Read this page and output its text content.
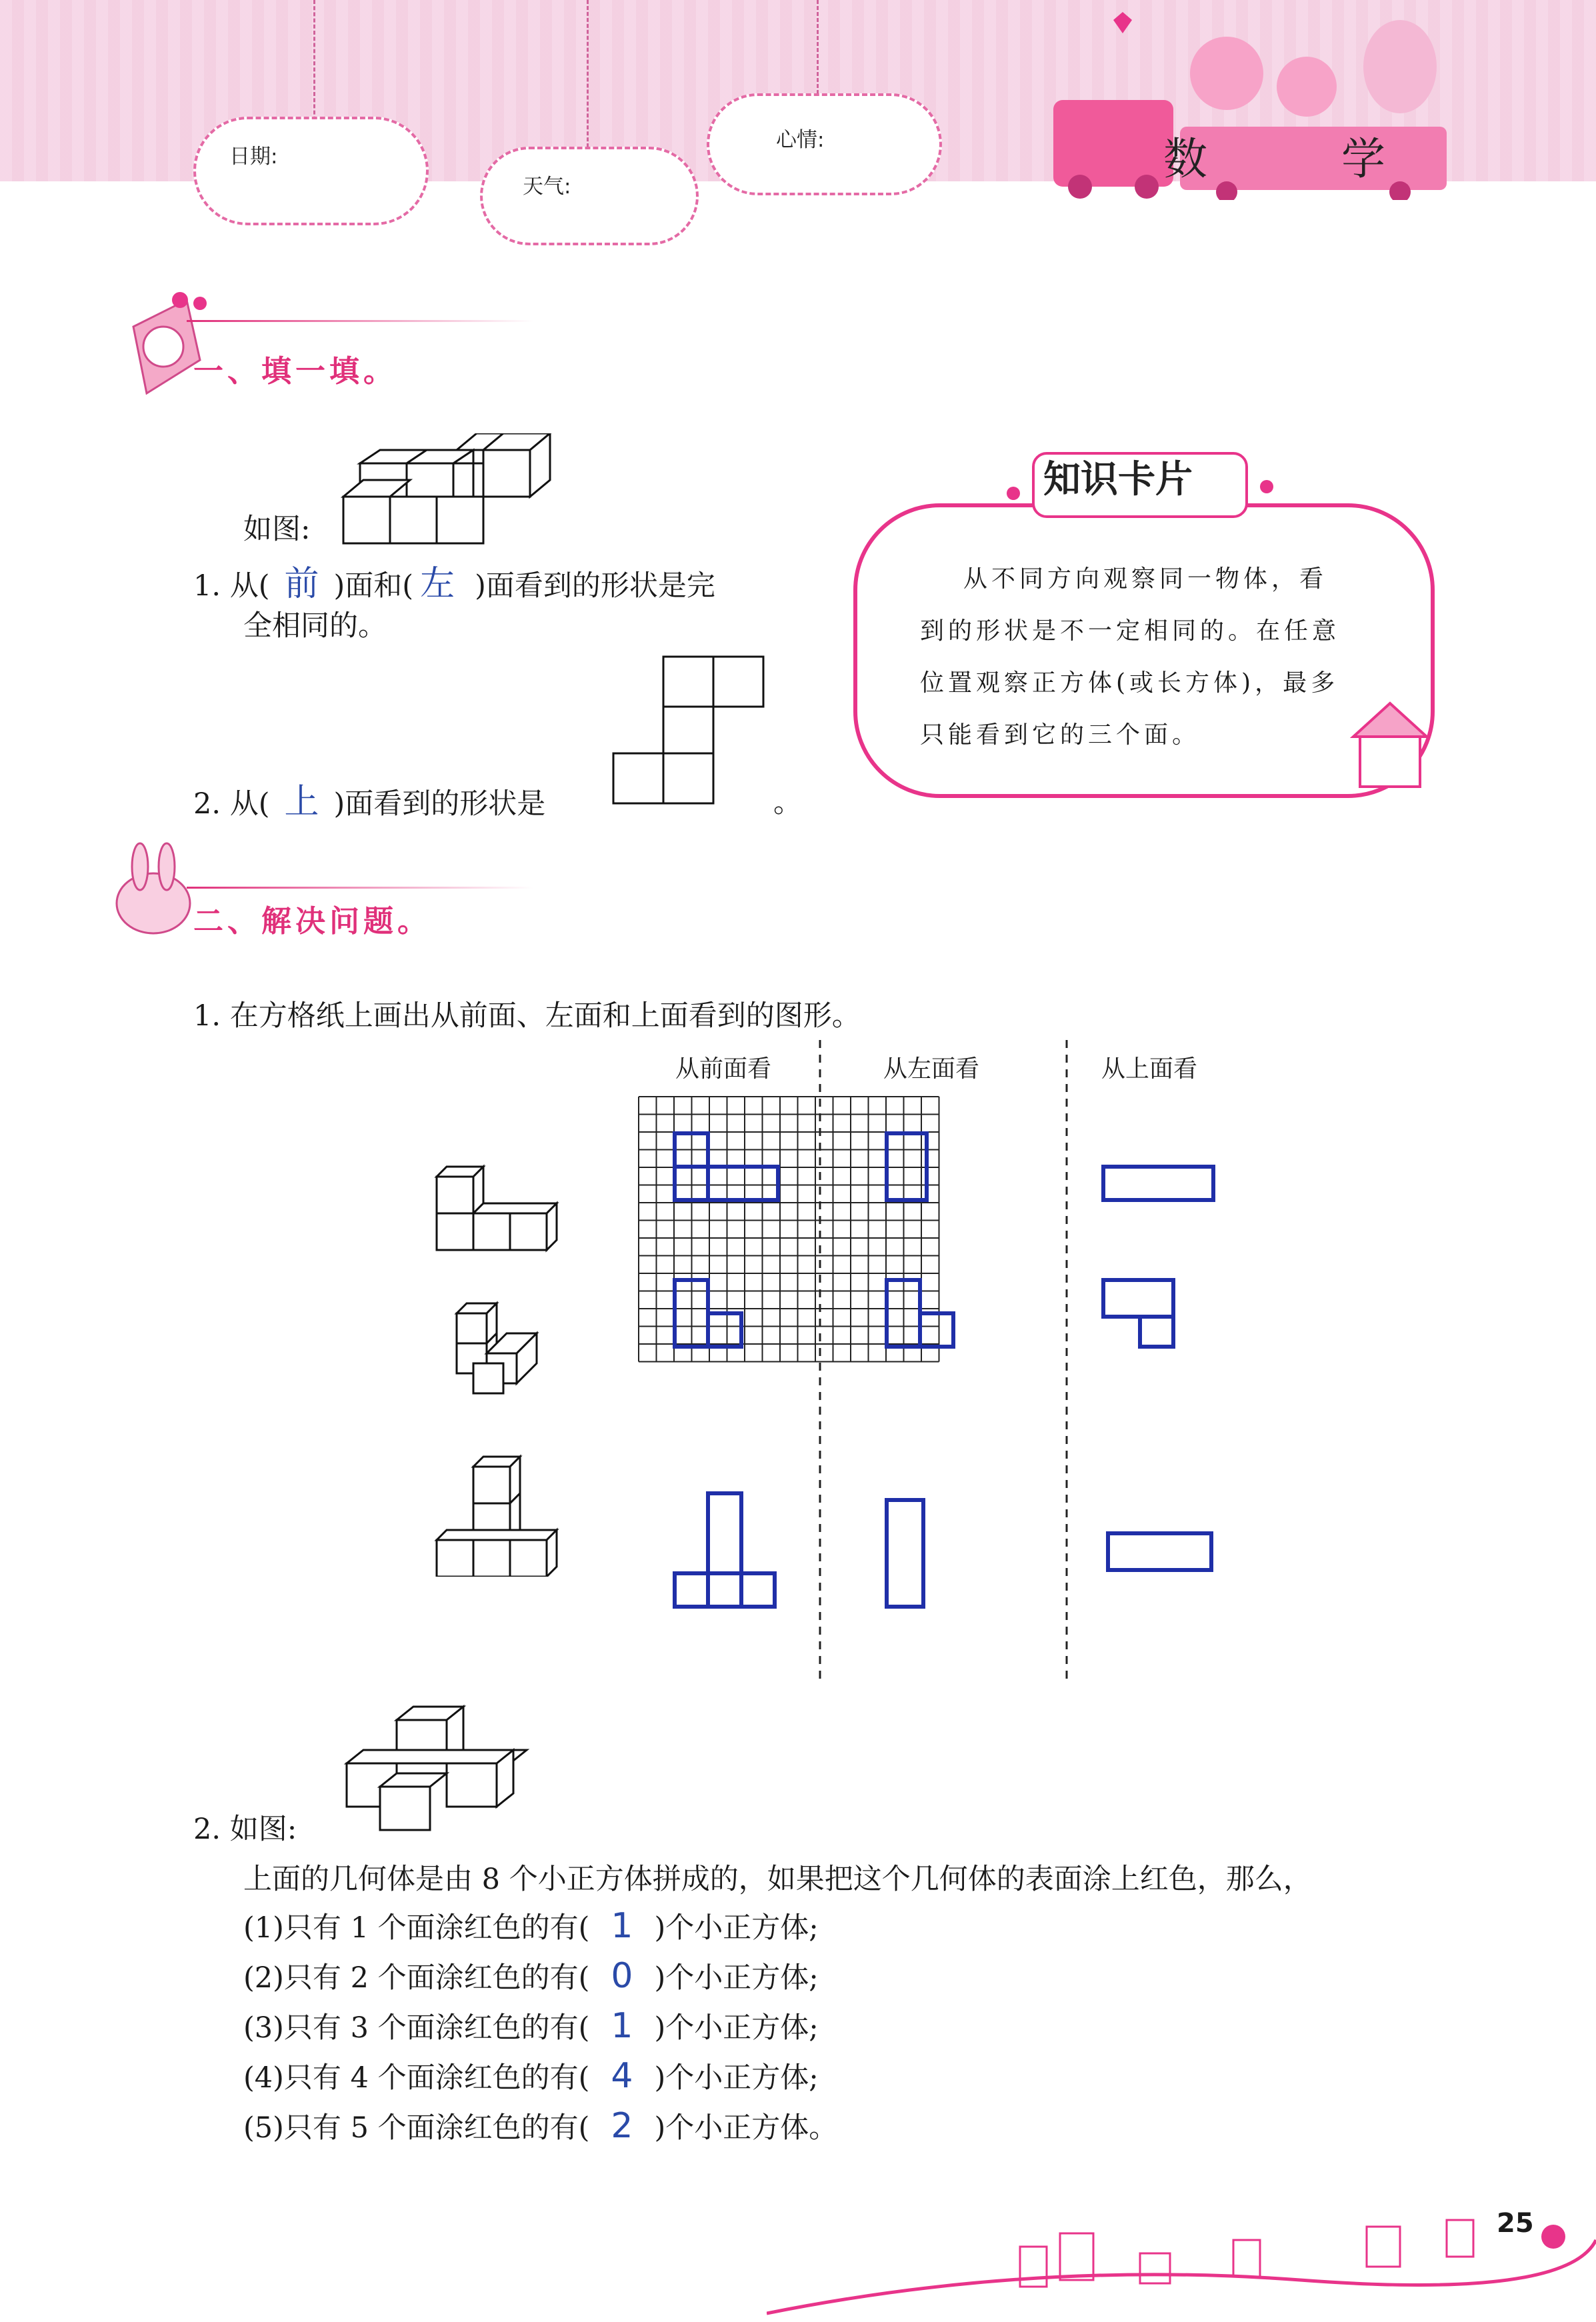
日期:
天气:
心情:	数 学
一、填一填。
如图:
1. 从( 前 )面和( 左 )面看到的形状是完
全相同的。
2. 从( 上 )面看到的形状是	。
知识卡片
从不同方向观察同一物体，看
到的形状是不一定相同的。在任意
位置观察正方体(或长方体)，最多
只能看到它的三个面。
二、解决问题。
1. 在方格纸上画出从前面、左面和上面看到的图形。
从前面看	从左面看	从上面看
2. 如图:
上面的几何体是由 8 个小正方体拼成的，如果把这个几何体的表面涂上红色，那么，
(1)只有 1 个面涂红色的有( 1 )个小正方体;
(2)只有 2 个面涂红色的有( 0 )个小正方体;
(3)只有 3 个面涂红色的有( 1 )个小正方体;
(4)只有 4 个面涂红色的有( 4 )个小正方体;
(5)只有 5 个面涂红色的有( 2 )个小正方体。
25
